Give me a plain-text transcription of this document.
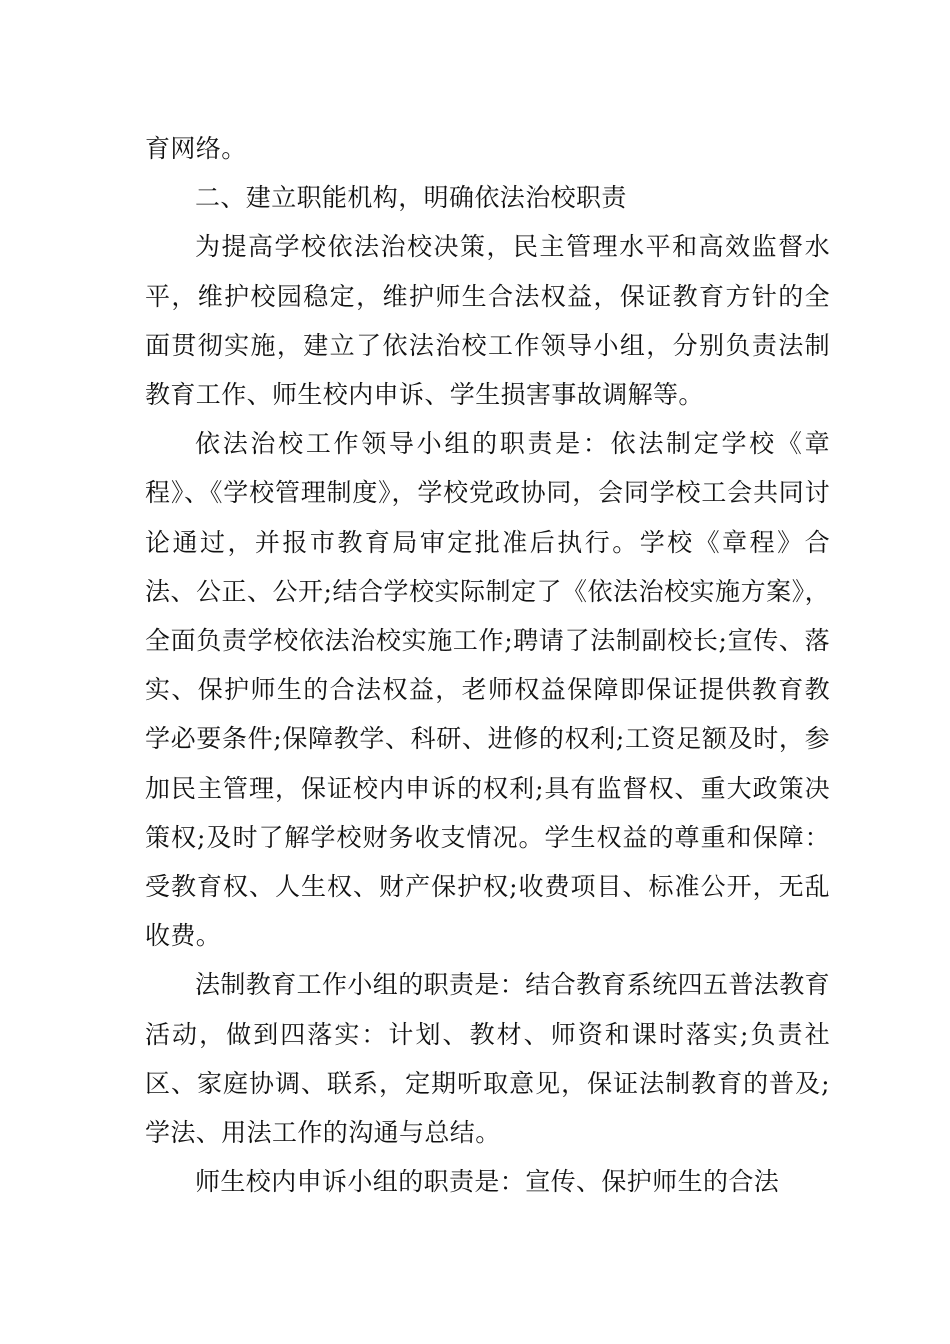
育网络。

二、建立职能机构，明确依法治校职责

为提高学校依法治校决策，民主管理水平和高效监督水平，维护校园稳定，维护师生合法权益，保证教育方针的全面贯彻实施，建立了依法治校工作领导小组，分别负责法制教育工作、师生校内申诉、学生损害事故调解等。

依法治校工作领导小组的职责是：依法制定学校《章程》、《学校管理制度》，学校党政协同，会同学校工会共同讨论通过，并报市教育局审定批准后执行。学校《章程》合法、公正、公开;结合学校实际制定了《依法治校实施方案》，全面负责学校依法治校实施工作;聘请了法制副校长;宣传、落实、保护师生的合法权益，老师权益保障即保证提供教育教学必要条件;保障教学、科研、进修的权利;工资足额及时，参加民主管理，保证校内申诉的权利;具有监督权、重大政策决策权;及时了解学校财务收支情况。学生权益的尊重和保障：受教育权、人生权、财产保护权;收费项目、标准公开，无乱收费。

法制教育工作小组的职责是：结合教育系统四五普法教育活动，做到四落实：计划、教材、师资和课时落实;负责社区、家庭协调、联系，定期听取意见，保证法制教育的普及;学法、用法工作的沟通与总结。

师生校内申诉小组的职责是：宣传、保护师生的合法
